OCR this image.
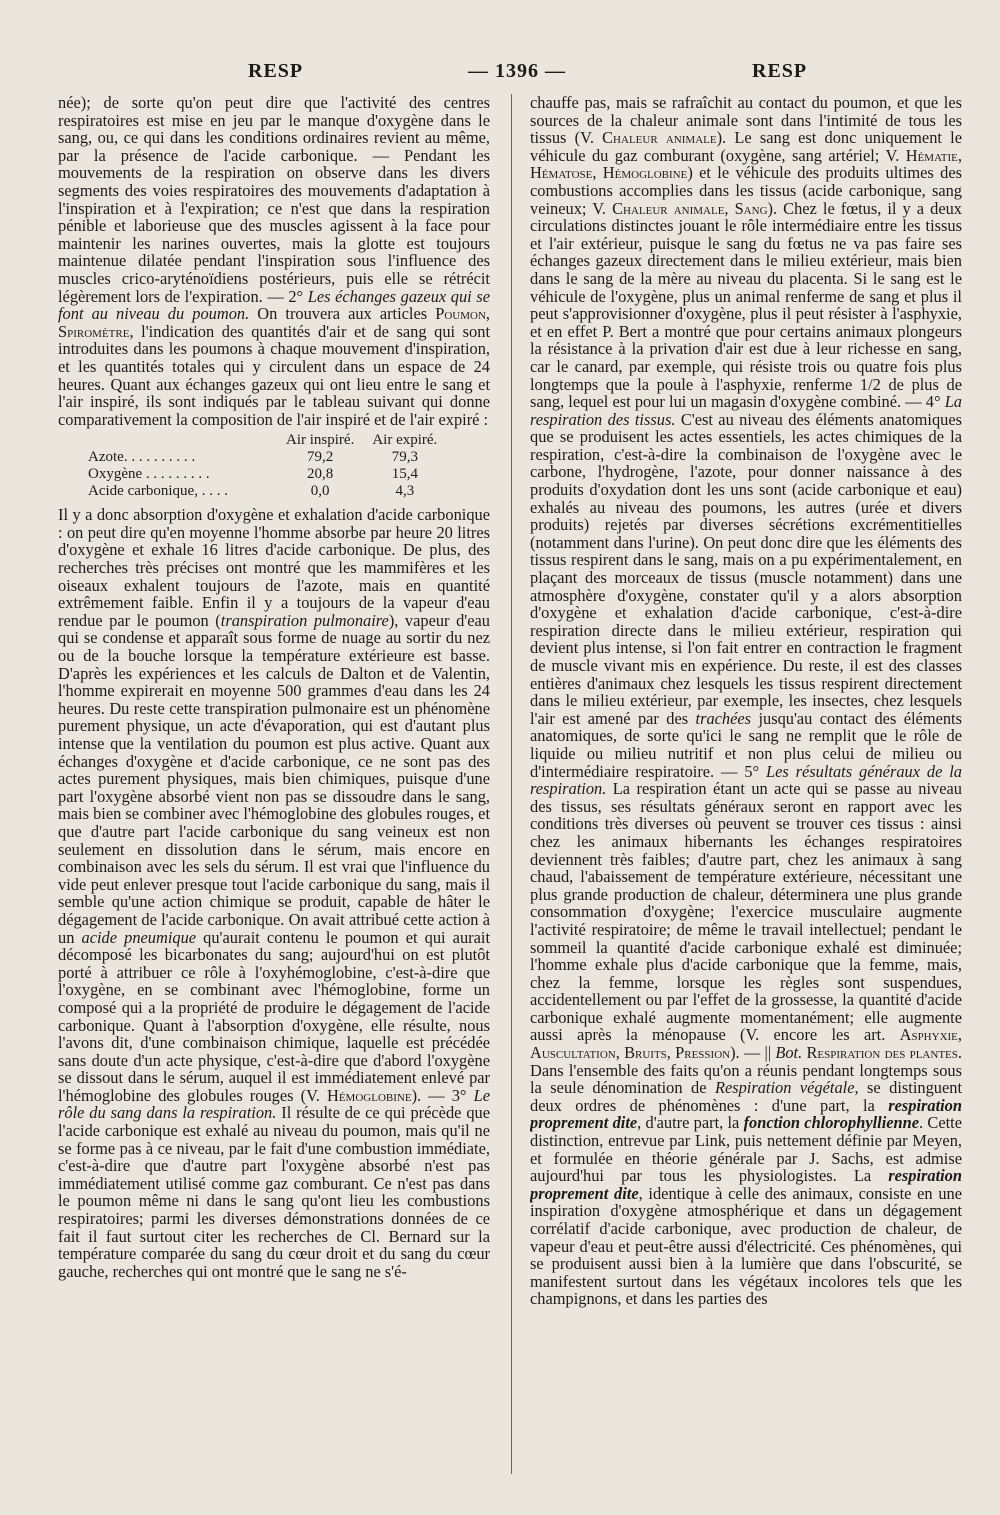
RESP	— 1396 —	RESP

née); de sorte qu'on peut dire que l'activité des centres respiratoires est mise en jeu par le manque d'oxygène dans le sang, ou, ce qui dans les conditions ordinaires revient au même, par la présence de l'acide carbonique. — Pendant les mouvements de la respiration on observe dans les divers segments des voies respiratoires des mouvements d'adaptation à l'inspiration et à l'expiration; ce n'est que dans la respiration pénible et laborieuse que des muscles agissent à la face pour maintenir les narines ouvertes, mais la glotte est toujours maintenue dilatée pendant l'inspiration sous l'influence des muscles crico-aryténoïdiens postérieurs, puis elle se rétrécit légèrement lors de l'expiration. — 2° Les échanges gazeux qui se font au niveau du poumon. On trouvera aux articles Poumon, Spiromètre, l'indication des quantités d'air et de sang qui sont introduites dans les poumons à chaque mouvement d'inspiration, et les quantités totales qui y circulent dans un espace de 24 heures. Quant aux échanges gazeux qui ont lieu entre le sang et l'air inspiré, ils sont indiqués par le tableau suivant qui donne comparativement la composition de l'air inspiré et de l'air expiré :

	Air inspiré.	Air expiré.
Azote. . . . . . . . . .	79,2	79,3
Oxygène . . . . . . . . .	20,8	15,4
Acide carbonique, . . . .	0,0	4,3

Il y a donc absorption d'oxygène et exhalation d'acide carbonique : on peut dire qu'en moyenne l'homme absorbe par heure 20 litres d'oxygène et exhale 16 litres d'acide carbonique. De plus, des recherches très précises ont montré que les mammifères et les oiseaux exhalent toujours de l'azote, mais en quantité extrêmement faible. Enfin il y a toujours de la vapeur d'eau rendue par le poumon (transpiration pulmonaire), vapeur d'eau qui se condense et apparaît sous forme de nuage au sortir du nez ou de la bouche lorsque la température extérieure est basse. D'après les expériences et les calculs de Dalton et de Valentin, l'homme expirerait en moyenne 500 grammes d'eau dans les 24 heures. Du reste cette transpiration pulmonaire est un phénomène purement physique, un acte d'évaporation, qui est d'autant plus intense que la ventilation du poumon est plus active. Quant aux échanges d'oxygène et d'acide carbonique, ce ne sont pas des actes purement physiques, mais bien chimiques, puisque d'une part l'oxygène absorbé vient non pas se dissoudre dans le sang, mais bien se combiner avec l'hémoglobine des globules rouges, et que d'autre part l'acide carbonique du sang veineux est non seulement en dissolution dans le sérum, mais encore en combinaison avec les sels du sérum. Il est vrai que l'influence du vide peut enlever presque tout l'acide carbonique du sang, mais il semble qu'une action chimique se produit, capable de hâter le dégagement de l'acide carbonique. On avait attribué cette action à un acide pneumique qu'aurait contenu le poumon et qui aurait décomposé les bicarbonates du sang; aujourd'hui on est plutôt porté à attribuer ce rôle à l'oxyhémoglobine, c'est-à-dire que l'oxygène, en se combinant avec l'hémoglobine, forme un composé qui a la propriété de produire le dégagement de l'acide carbonique. Quant à l'absorption d'oxygène, elle résulte, nous l'avons dit, d'une combinaison chimique, laquelle est précédée sans doute d'un acte physique, c'est-à-dire que d'abord l'oxygène se dissout dans le sérum, auquel il est immédiatement enlevé par l'hémoglobine des globules rouges (V. Hémoglobine). — 3° Le rôle du sang dans la respiration. Il résulte de ce qui précède que l'acide carbonique est exhalé au niveau du poumon, mais qu'il ne se forme pas à ce niveau, par le fait d'une combustion immédiate, c'est-à-dire que d'autre part l'oxygène absorbé n'est pas immédiatement utilisé comme gaz comburant. Ce n'est pas dans le poumon même ni dans le sang qu'ont lieu les combustions respiratoires; parmi les diverses démonstrations données de ce fait il faut surtout citer les recherches de Cl. Bernard sur la température comparée du sang du cœur droit et du sang du cœur gauche, recherches qui ont montré que le sang ne s'é-

chauffe pas, mais se rafraîchit au contact du poumon, et que les sources de la chaleur animale sont dans l'intimité de tous les tissus (V. Chaleur animale). Le sang est donc uniquement le véhicule du gaz comburant (oxygène, sang artériel; V. Hématie, Hématose, Hémoglobine) et le véhicule des produits ultimes des combustions accomplies dans les tissus (acide carbonique, sang veineux; V. Chaleur animale, Sang). Chez le fœtus, il y a deux circulations distinctes jouant le rôle intermédiaire entre les tissus et l'air extérieur, puisque le sang du fœtus ne va pas faire ses échanges gazeux directement dans le milieu extérieur, mais bien dans le sang de la mère au niveau du placenta. Si le sang est le véhicule de l'oxygène, plus un animal renferme de sang et plus il peut s'approvisionner d'oxygène, plus il peut résister à l'asphyxie, et en effet P. Bert a montré que pour certains animaux plongeurs la résistance à la privation d'air est due à leur richesse en sang, car le canard, par exemple, qui résiste trois ou quatre fois plus longtemps que la poule à l'asphyxie, renferme 1/2 de plus de sang, lequel est pour lui un magasin d'oxygène combiné. — 4° La respiration des tissus. C'est au niveau des éléments anatomiques que se produisent les actes essentiels, les actes chimiques de la respiration, c'est-à-dire la combinaison de l'oxygène avec le carbone, l'hydrogène, l'azote, pour donner naissance à des produits d'oxydation dont les uns sont (acide carbonique et eau) exhalés au niveau des poumons, les autres (urée et divers produits) rejetés par diverses sécrétions excrémentitielles (notamment dans l'urine). On peut donc dire que les éléments des tissus respirent dans le sang, mais on a pu expérimentalement, en plaçant des morceaux de tissus (muscle notamment) dans une atmosphère d'oxygène, constater qu'il y a alors absorption d'oxygène et exhalation d'acide carbonique, c'est-à-dire respiration directe dans le milieu extérieur, respiration qui devient plus intense, si l'on fait entrer en contraction le fragment de muscle vivant mis en expérience. Du reste, il est des classes entières d'animaux chez lesquels les tissus respirent directement dans le milieu extérieur, par exemple, les insectes, chez lesquels l'air est amené par des trachées jusqu'au contact des éléments anatomiques, de sorte qu'ici le sang ne remplit que le rôle de liquide ou milieu nutritif et non plus celui de milieu ou d'intermédiaire respiratoire. — 5° Les résultats généraux de la respiration. La respiration étant un acte qui se passe au niveau des tissus, ses résultats généraux seront en rapport avec les conditions très diverses où peuvent se trouver ces tissus : ainsi chez les animaux hibernants les échanges respiratoires deviennent très faibles; d'autre part, chez les animaux à sang chaud, l'abaissement de température extérieure, nécessitant une plus grande production de chaleur, déterminera une plus grande consommation d'oxygène; l'exercice musculaire augmente l'activité respiratoire; de même le travail intellectuel; pendant le sommeil la quantité d'acide carbonique exhalé est diminuée; l'homme exhale plus d'acide carbonique que la femme, mais, chez la femme, lorsque les règles sont suspendues, accidentellement ou par l'effet de la grossesse, la quantité d'acide carbonique exhalé augmente momentanément; elle augmente aussi après la ménopause (V. encore les art. Asphyxie, Auscultation, Bruits, Pression). — || Bot. Respiration des plantes. Dans l'ensemble des faits qu'on a réunis pendant longtemps sous la seule dénomination de Respiration végétale, se distinguent deux ordres de phénomènes : d'une part, la respiration proprement dite, d'autre part, la fonction chlorophyllienne. Cette distinction, entrevue par Link, puis nettement définie par Meyen, et formulée en théorie générale par J. Sachs, est admise aujourd'hui par tous les physiologistes. La respiration proprement dite, identique à celle des animaux, consiste en une inspiration d'oxygène atmosphérique et dans un dégagement corrélatif d'acide carbonique, avec production de chaleur, de vapeur d'eau et peut-être aussi d'électricité. Ces phénomènes, qui se produisent aussi bien à la lumière que dans l'obscurité, se manifestent surtout dans les végétaux incolores tels que les champignons, et dans les parties des
